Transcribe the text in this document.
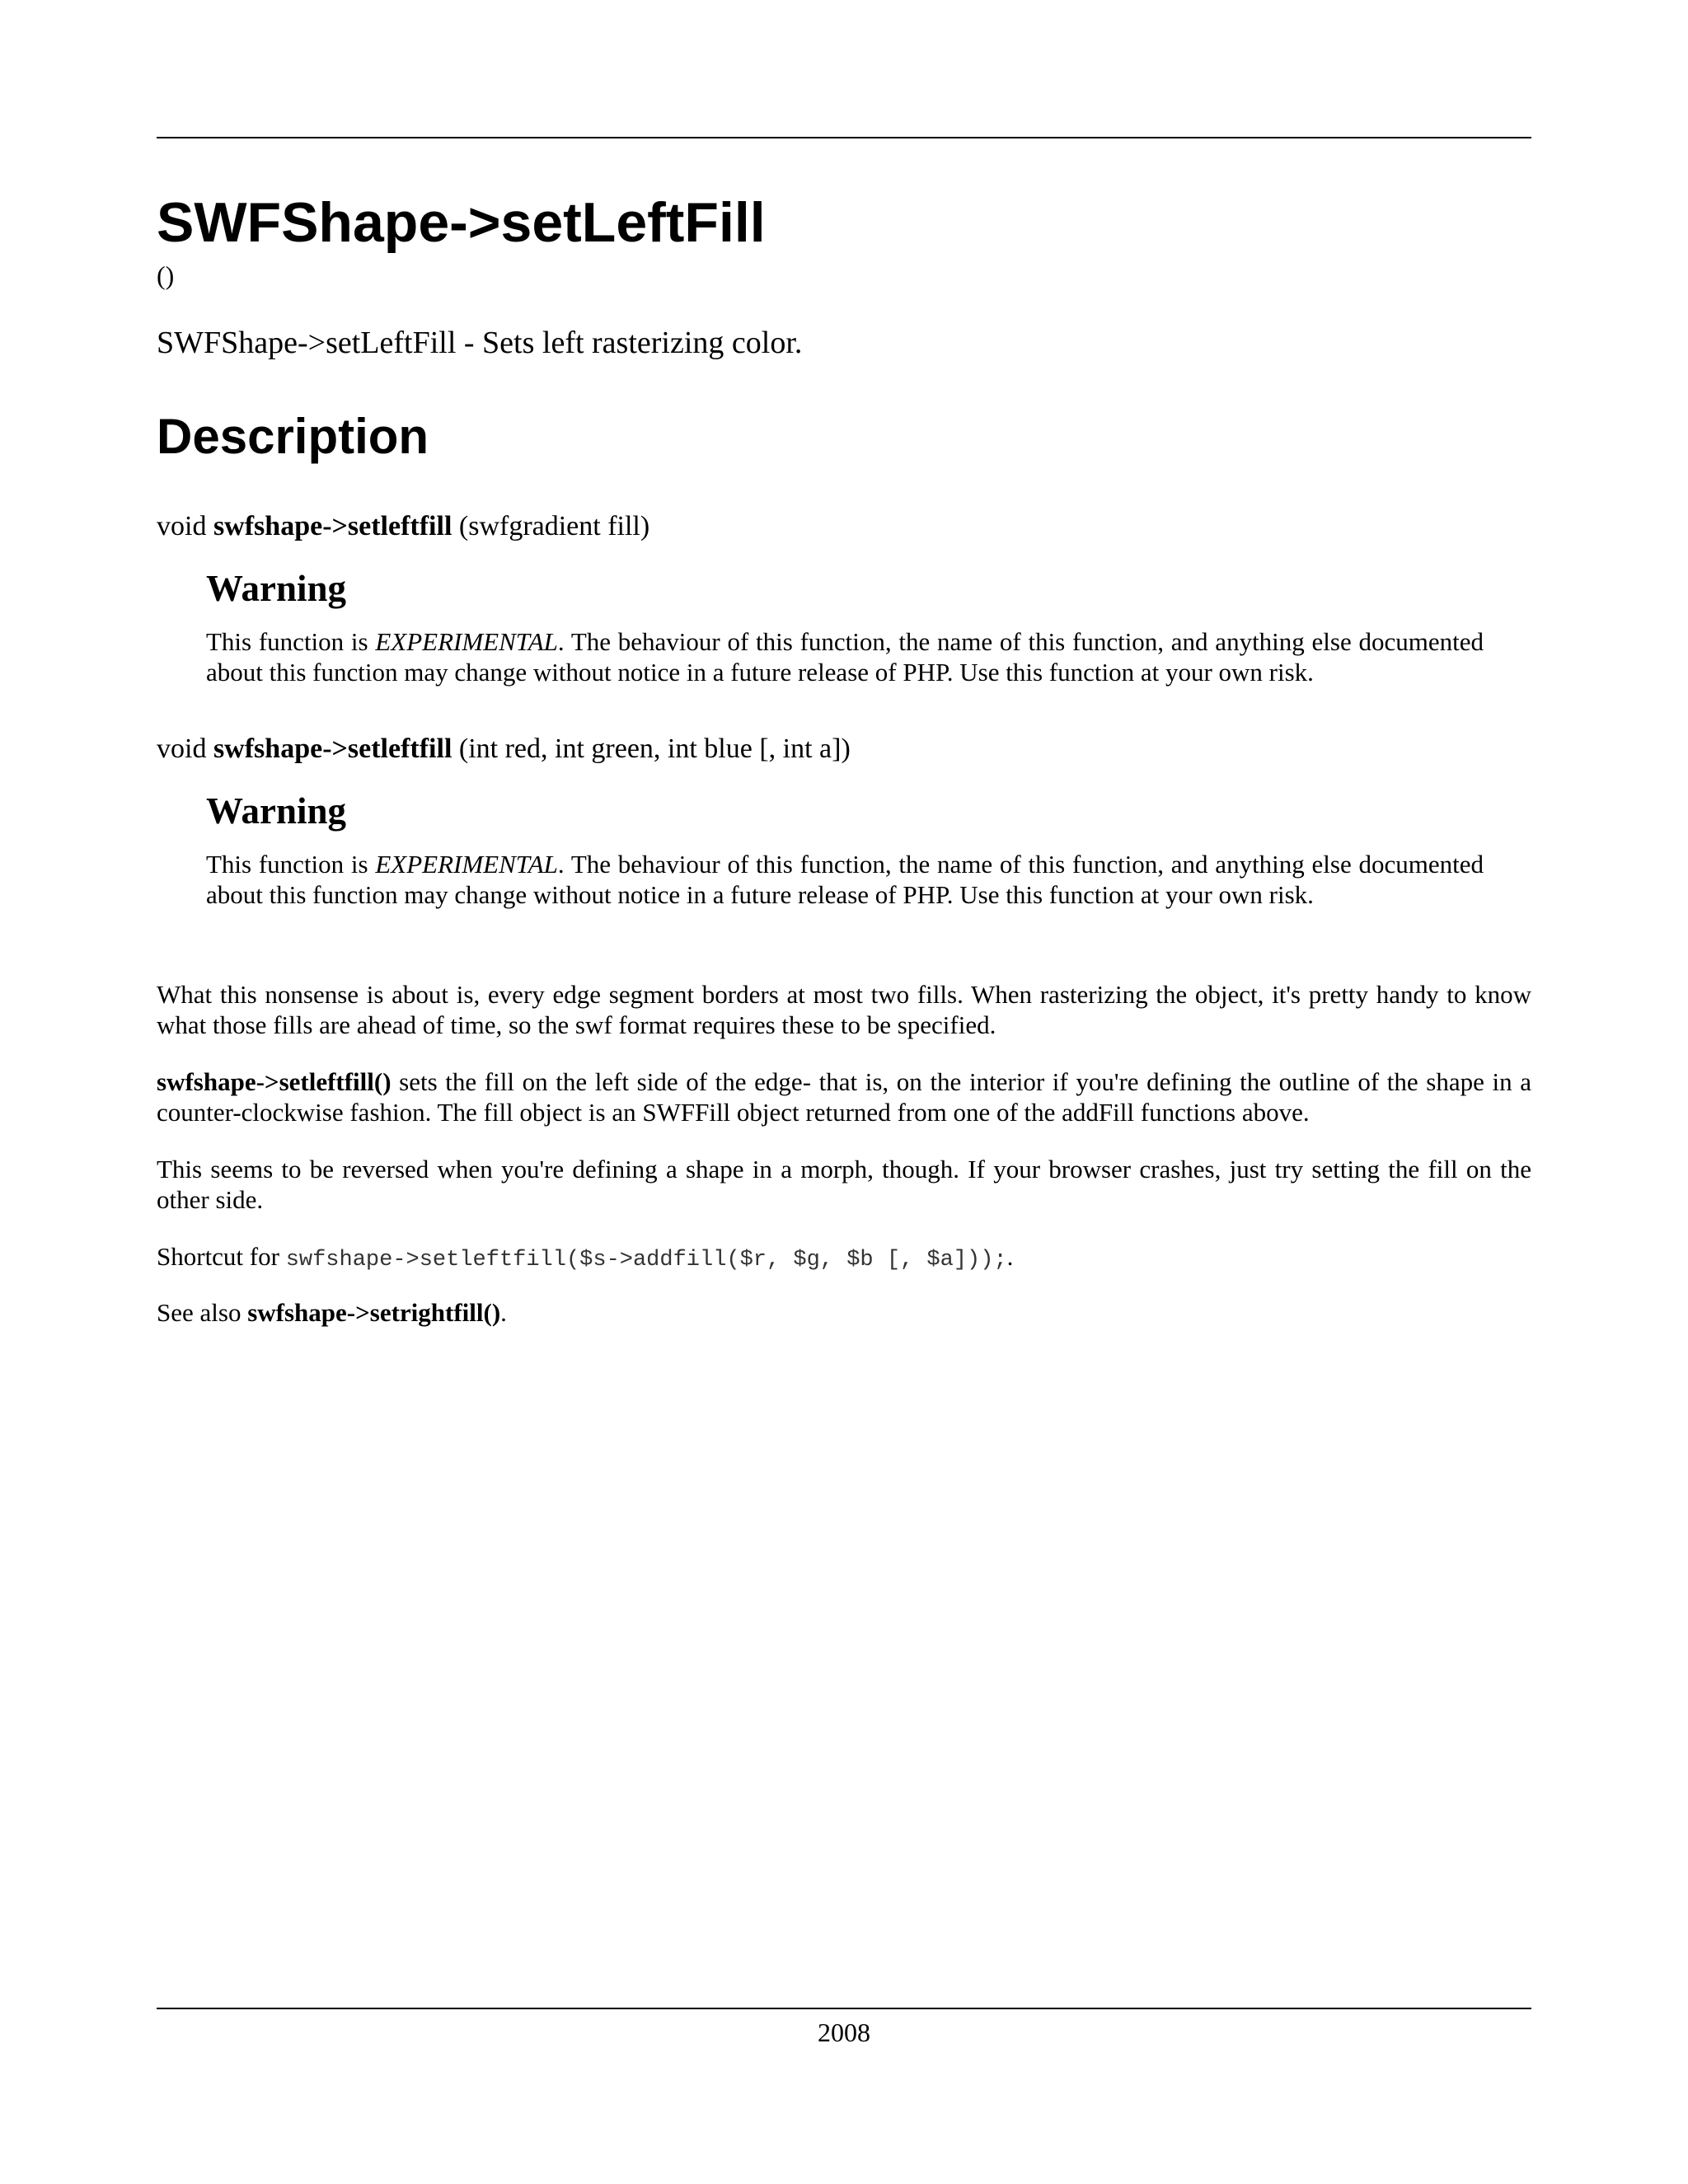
SWFShape->setLeftFill
()

SWFShape->setLeftFill - Sets left rasterizing color.

Description
void swfshape->setleftfill (swfgradient fill)
Warning

This function is EXPERIMENTAL. The behaviour of this function, the name of this function, and anything else documented about this function may change without notice in a future release of PHP. Use this function at your own risk.

void swfshape->setleftfill (int red, int green, int blue [, int a])
Warning

This function is EXPERIMENTAL. The behaviour of this function, the name of this function, and anything else documented about this function may change without notice in a future release of PHP. Use this function at your own risk.

What this nonsense is about is, every edge segment borders at most two fills. When rasterizing the object, it's pretty handy to know what those fills are ahead of time, so the swf format requires these to be specified.

swfshape->setleftfill() sets the fill on the left side of the edge- that is, on the interior if you're defining the outline of the shape in a counter-clockwise fashion. The fill object is an SWFFill object returned from one of the addFill functions above.

This seems to be reversed when you're defining a shape in a morph, though. If your browser crashes, just try setting the fill on the other side.

Shortcut for swfshape->setleftfill($s->addfill($r, $g, $b [, $a]));.

See also swfshape->setrightfill().

2008
